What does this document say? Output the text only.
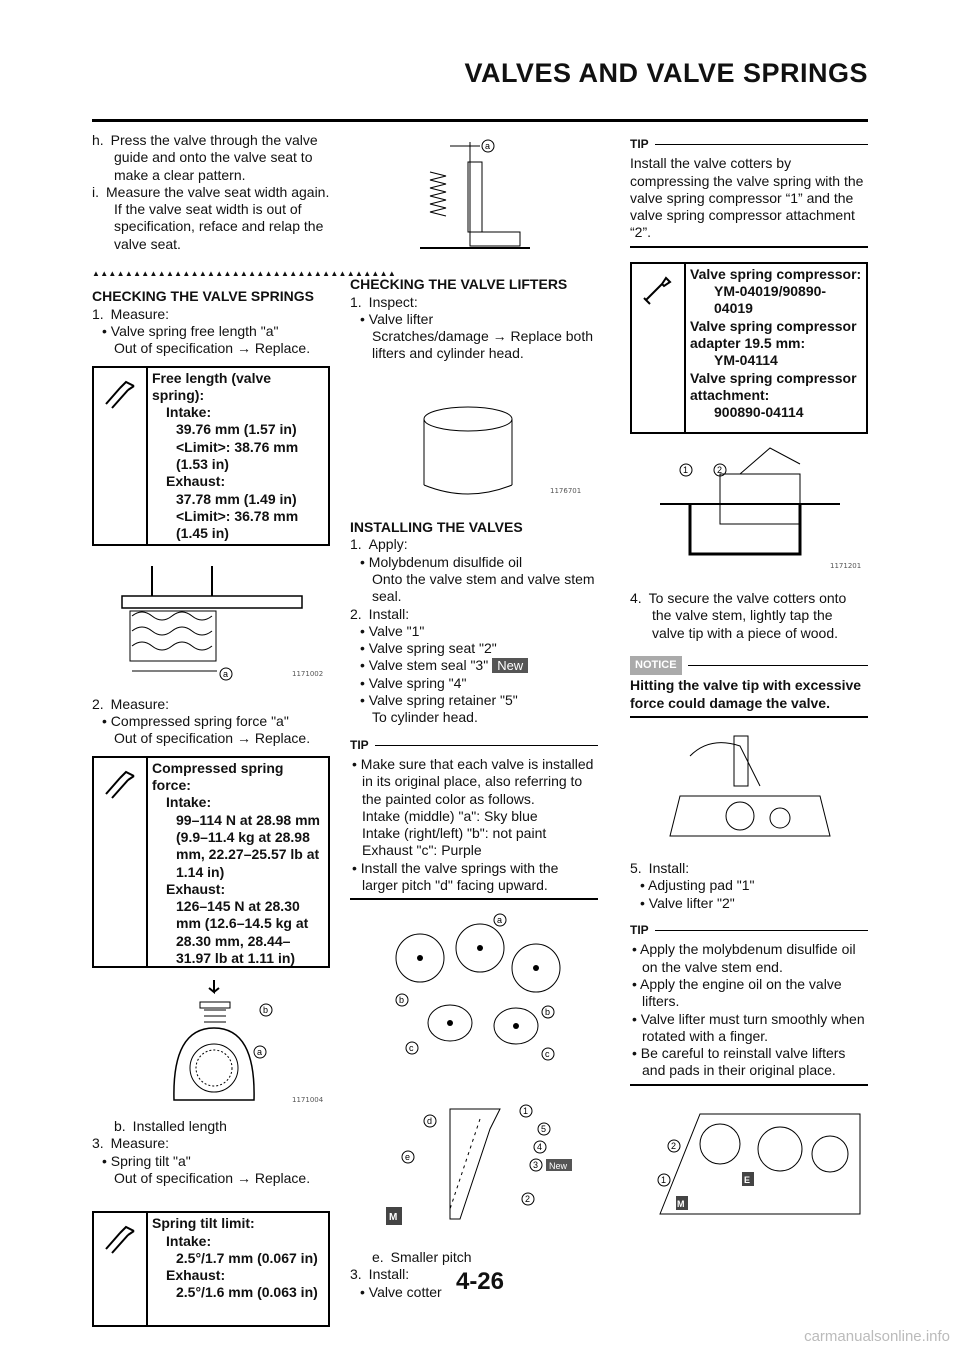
VALVES AND VALVE SPRINGS

h. Press the valve through the valve guide and onto the valve seat to make a clear pattern.

i. Measure the valve seat width again. If the valve seat width is out of specification, reface and relap the valve seat.

▲▲▲▲▲▲▲▲▲▲▲▲▲▲▲▲▲▲▲▲▲▲▲▲▲▲▲▲▲▲▲▲▲▲▲▲▲

CHECKING THE VALVE SPRINGS

1. Measure:

• Valve spring free length "a"

Out of specification → Replace.

Free length (valve spring):
Intake:
39.76 mm (1.57 in)
<Limit>: 38.76 mm (1.53 in)
Exhaust:
37.78 mm (1.49 in)
<Limit>: 36.78 mm (1.45 in)
a	1171002

2. Measure:

• Compressed spring force "a"

Out of specification → Replace.

Compressed spring force:
Intake:
99–114 N at 28.98 mm (9.9–11.4 kg at 28.98 mm, 22.27–25.57 lb at 1.14 in)
Exhaust:
126–145 N at 28.30 mm (12.6–14.5 kg at 28.30 mm, 28.44–31.97 lb at 1.11 in)
b
a
1171004

b. Installed length

3. Measure:

• Spring tilt "a"

Out of specification → Replace.

Spring tilt limit:
Intake:
2.5°/1.7 mm (0.067 in)
Exhaust:
2.5°/1.6 mm (0.063 in)
a

CHECKING THE VALVE LIFTERS

1. Inspect:

• Valve lifter

Scratches/damage → Replace both lifters and cylinder head.

1176701

INSTALLING THE VALVES

1. Apply:

• Molybdenum disulfide oil

Onto the valve stem and valve stem seal.

2. Install:

• Valve "1"

• Valve spring seat "2"

• Valve stem seal "3" New

• Valve spring "4"

• Valve spring retainer "5"

To cylinder head.

TIP

• Make sure that each valve is installed in its original place, also referring to the painted color as follows.

Intake (middle) "a": Sky blue

Intake (right/left) "b": not paint

Exhaust "c": Purple

• Install the valve springs with the larger pitch "d" facing upward.

a
b
b
c
c
d
e
1
5
4
3 New
2
M

e. Smaller pitch

3. Install:

• Valve cotter

TIP

Install the valve cotters by compressing the valve spring with the valve spring compressor “1” and the valve spring compressor attachment “2”.

Valve spring compressor:
YM-04019/90890-04019
Valve spring compressor adapter 19.5 mm:
YM-04114
Valve spring compressor attachment:
900890-04114
1	2
1171201

4. To secure the valve cotters onto the valve stem, lightly tap the valve tip with a piece of wood.

NOTICE

Hitting the valve tip with excessive force could damage the valve.

5. Install:

• Adjusting pad "1"

• Valve lifter "2"

TIP

• Apply the molybdenum disulfide oil on the valve stem end.

• Apply the engine oil on the valve lifters.

• Valve lifter must turn smoothly when rotated with a finger.

• Be careful to reinstall valve lifters and pads in their original place.

2
1	E
M
4-26
carmanualsonline.info
